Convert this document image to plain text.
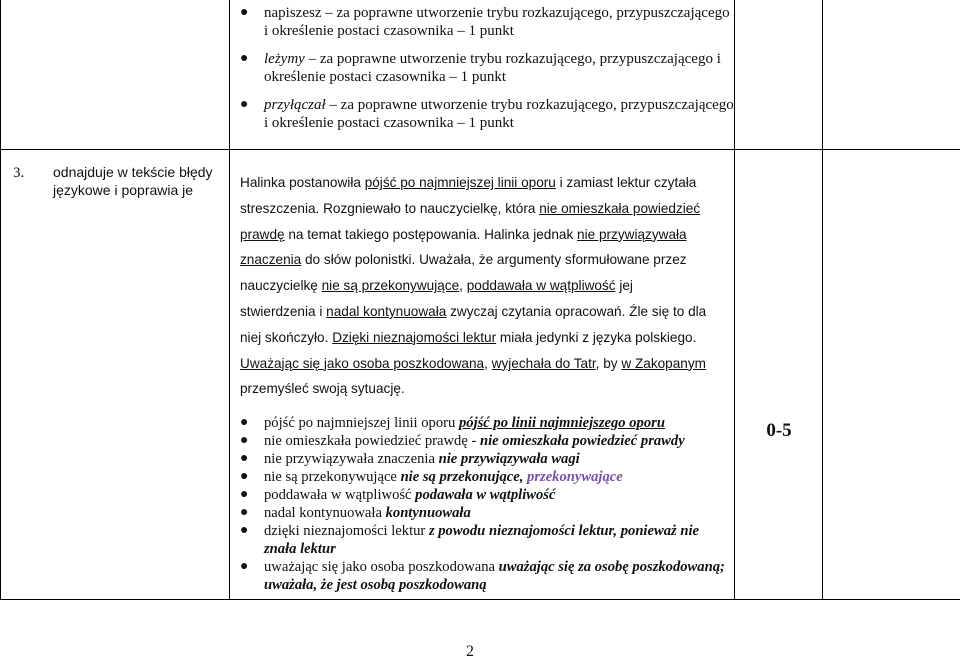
● napiszesz – za poprawne utworzenie trybu rozkazującego, przypuszczającego i określenie postaci czasownika – 1 punkt
● leżymy – za poprawne utworzenie trybu rozkazującego, przypuszczającego i określenie postaci czasownika – 1 punkt
● przyłączał – za poprawne utworzenie trybu rozkazującego, przypuszczającego i określenie postaci czasownika – 1 punkt
3. odnajduje w tekście błędy językowe i poprawia je	Halinka postanowiła pójść po najmniejszej linii oporu i zamiast lektur czytała

streszczenia. Rozgniewało to nauczycielkę, która nie omieszkała powiedzieć

prawdę na temat takiego postępowania. Halinka jednak nie przywiązywała

znaczenia do słów polonistki. Uważała, że argumenty sformułowane przez

nauczycielkę nie są przekonywujące, poddawała w wątpliwość jej

stwierdzenia i nadal kontynuowała zwyczaj czytania opracowań. Źle się to dla

niej skończyło. Dzięki nieznajomości lektur miała jedynki z języka polskiego.

Uważając się jako osoba poszkodowana, wyjechała do Tatr, by w Zakopanym

przemyśleć swoją sytuację.

● pójść po najmniejszej linii oporu pójść po linii najmniejszego oporu
● nie omieszkała powiedzieć prawdę - nie omieszkała powiedzieć prawdy
● nie przywiązywała znaczenia nie przywiązywała wagi
● nie są przekonywujące nie są przekonujące, przekonywające
● poddawała w wątpliwość podawała w wątpliwość
● nadal kontynuowała kontynuowała
● dzięki nieznajomości lektur z powodu nieznajomości lektur, ponieważ nie znała lektur
● uważając się jako osoba poszkodowana uważając się za osobę poszkodowaną; uważała, że jest osobą poszkodowaną
0-5
2
